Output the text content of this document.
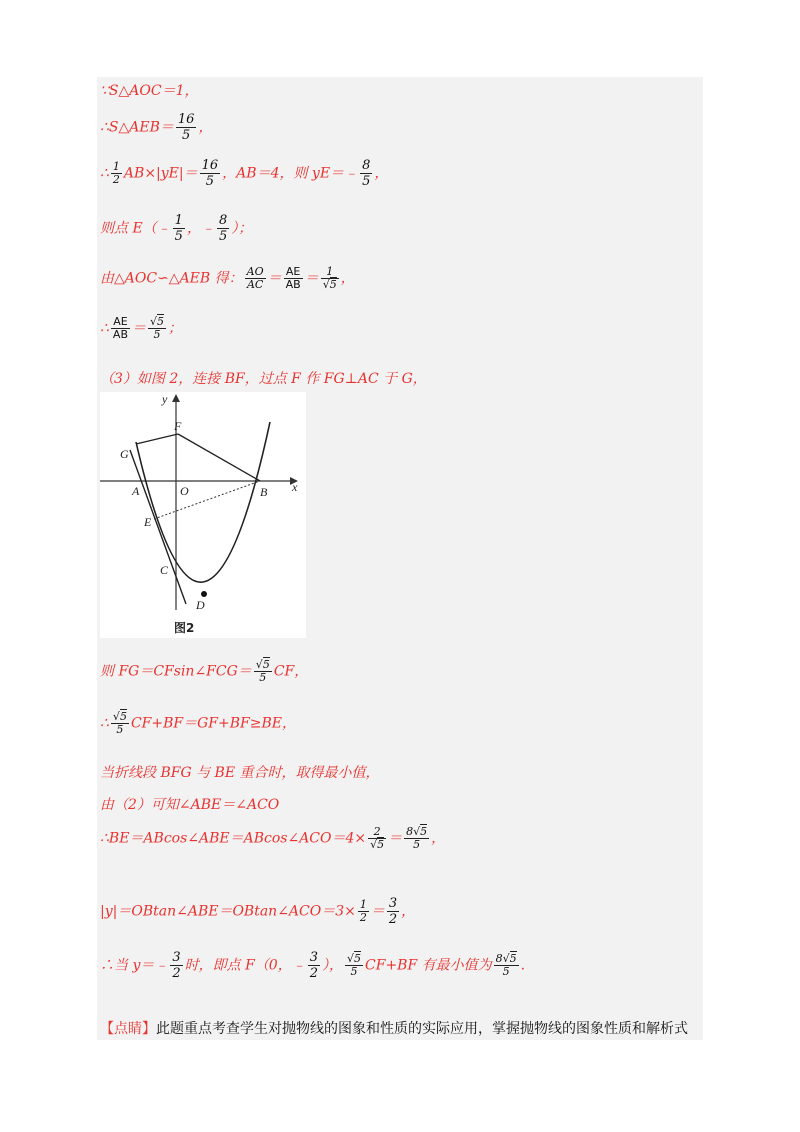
∵S△AOC＝1，
∴S△AEB＝ $\frac{16}{5}$ ，
∴ $\frac{1}{2} AB\times|yE|= \frac{16}{5}$ ，AB＝4，则 yE＝﹣ $\frac{8}{5}$ ，
则点 E（﹣ $\frac{1}{5}$ ，﹣ $\frac{8}{5}$ ）；
由△AOC∽△AEB 得： $\frac{AO}{AC} = \frac{AE}{AB} = \frac{1}{√5}$ ，
∴ $\frac{AE}{AB} = \frac{√5}{5}$ ；
（3）如图 2，连接 BF，过点 F 作 FG⊥AC 于 G，
y
x
F
G
A	O	B
E
C
D
图2
则 FG＝CFsin∠FCG＝ $\frac{√5}{5}$ CF，
∴ $\frac{√5}{5} CF+BF=GF+BF\ge BE$，
当折线段 BFG 与 BE 重合时，取得最小值，
由（2）可知∠ABE＝∠ACO
∴BE＝ABcos∠ABE＝ABcos∠ACO＝4× $\frac{2}{√5} = \frac{8√5}{5}$ ，
|y|＝OBtan∠ABE＝OBtan∠ACO＝3× $\frac{1}{2} = \frac{3}{2}$ ，
∴当 y＝﹣ $\frac{3}{2}$ 时，即点 F（0，﹣ $\frac{3}{2}$ ）， $\frac{√5}{5} CF+BF$ 有最小值为 $\frac{8√5}{5}$ .
【点睛】此题重点考查学生对抛物线的图象和性质的实际应用，掌握抛物线的图象性质和解析式
